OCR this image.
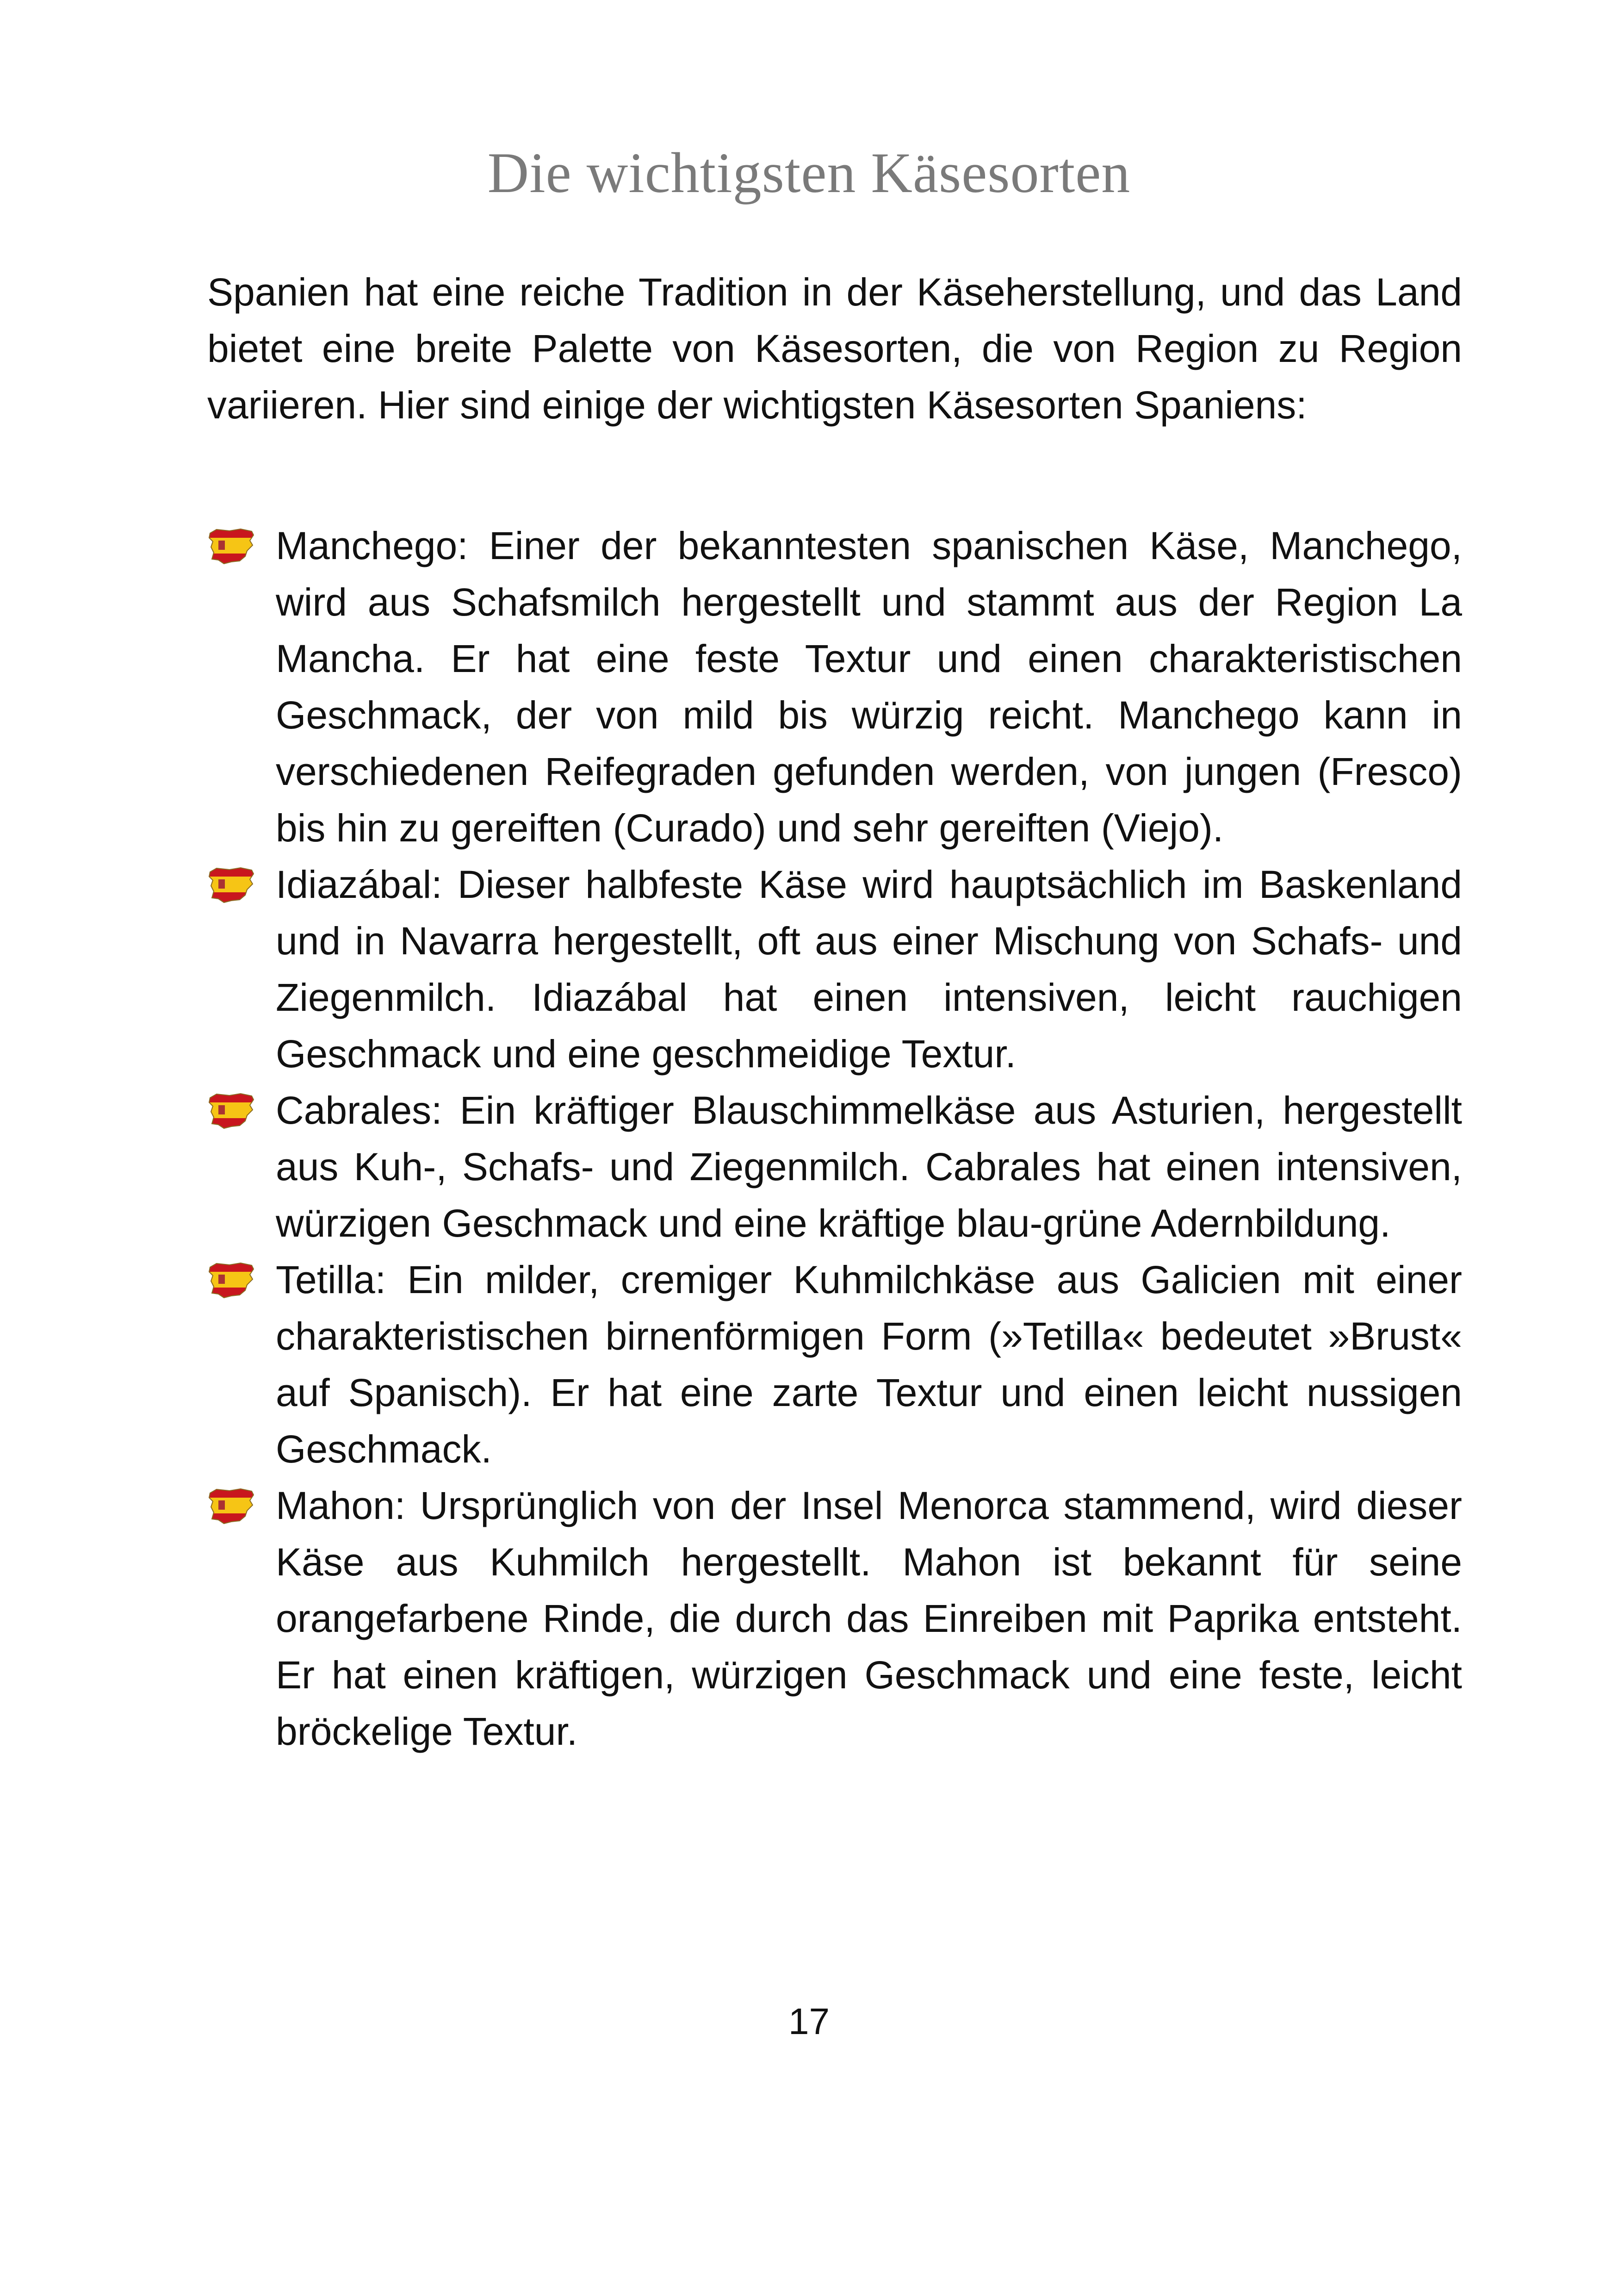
Die wichtigsten Käsesorten

Spanien hat eine reiche Tradition in der Käseherstellung, und das Land bietet eine breite Palette von Käsesorten, die von Region zu Region variieren. Hier sind einige der wichtigsten Käsesorten Spaniens:

Manchego: Einer der bekanntesten spanischen Käse, Manchego, wird aus Schafsmilch hergestellt und stammt aus der Region La Mancha. Er hat eine feste Textur und einen charakteristischen Geschmack, der von mild bis würzig reicht. Manchego kann in verschiedenen Reifegraden gefunden werden, von jungen (Fresco) bis hin zu gereiften (Curado) und sehr gereiften (Viejo).
Idiazábal: Dieser halbfeste Käse wird hauptsächlich im Baskenland und in Navarra hergestellt, oft aus einer Mischung von Schafs- und Ziegenmilch. Idiazábal hat einen intensiven, leicht rauchigen Geschmack und eine geschmeidige Textur.
Cabrales: Ein kräftiger Blauschimmelkäse aus Asturien, hergestellt aus Kuh-, Schafs- und Ziegenmilch. Cabrales hat einen intensiven, würzigen Geschmack und eine kräftige blau-grüne Adernbildung.
Tetilla: Ein milder, cremiger Kuhmilchkäse aus Galicien mit einer charakteristischen birnenförmigen Form (»Tetilla« bedeutet »Brust« auf Spanisch). Er hat eine zarte Textur und einen leicht nussigen Geschmack.
Mahon: Ursprünglich von der Insel Menorca stammend, wird dieser Käse aus Kuhmilch hergestellt. Mahon ist bekannt für seine orangefarbene Rinde, die durch das Einreiben mit Paprika entsteht. Er hat einen kräftigen, würzigen Geschmack und eine feste, leicht bröckelige Textur.
17
